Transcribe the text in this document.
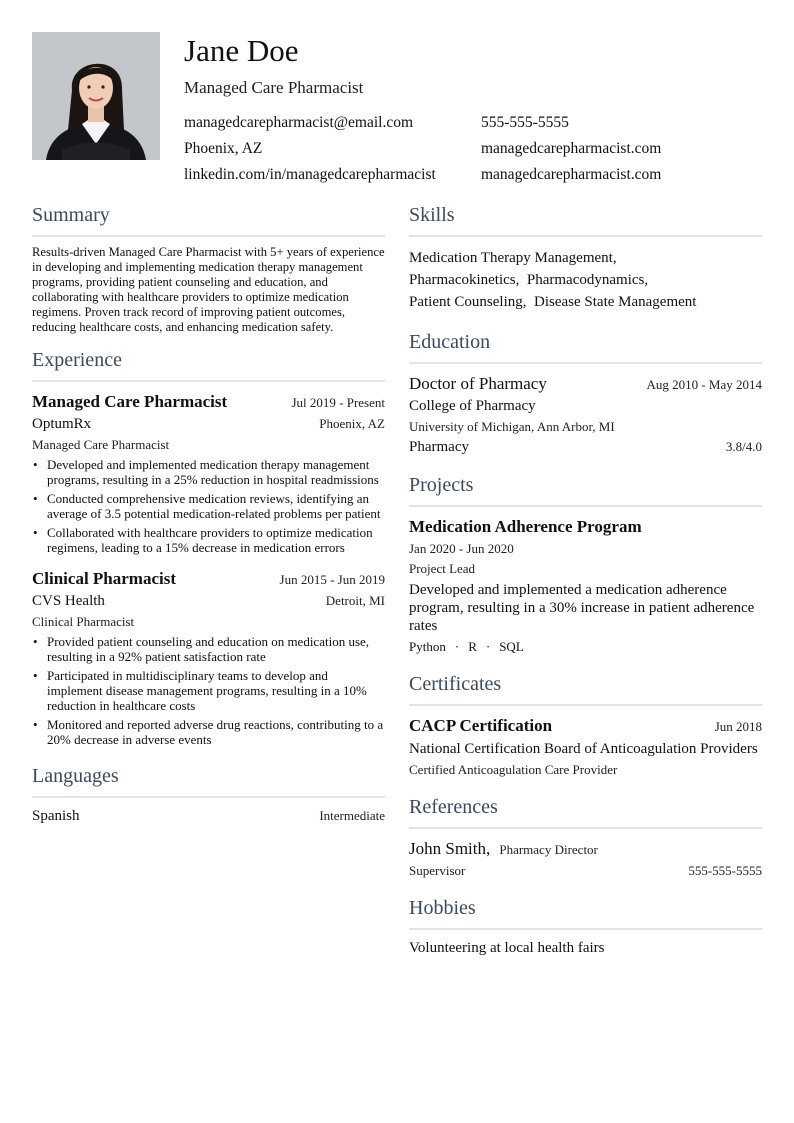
Jane Doe
Managed Care Pharmacist
managedcarepharmacist@email.com	555-555-5555
Phoenix, AZ	managedcarepharmacist.com
linkedin.com/in/managedcarepharmacist	managedcarepharmacist.com
Summary
Results-driven Managed Care Pharmacist with 5+ years of experience in developing and implementing medication therapy management programs, providing patient counseling and education, and collaborating with healthcare providers to optimize medication regimens. Proven track record of improving patient outcomes, reducing healthcare costs, and enhancing medication safety.
Experience
Managed Care Pharmacist	Jul 2019 - Present
OptumRx	Phoenix, AZ
Managed Care Pharmacist
• Developed and implemented medication therapy management programs, resulting in a 25% reduction in hospital readmissions
• Conducted comprehensive medication reviews, identifying an average of 3.5 potential medication-related problems per patient
• Collaborated with healthcare providers to optimize medication regimens, leading to a 15% decrease in medication errors
Clinical Pharmacist	Jun 2015 - Jun 2019
CVS Health	Detroit, MI
Clinical Pharmacist
• Provided patient counseling and education on medication use, resulting in a 92% patient satisfaction rate
• Participated in multidisciplinary teams to develop and implement disease management programs, resulting in a 10% reduction in healthcare costs
• Monitored and reported adverse drug reactions, contributing to a 20% decrease in adverse events
Languages
Spanish	Intermediate
Skills
Medication Therapy Management,
Pharmacokinetics, Pharmacodynamics,
Patient Counseling, Disease State Management
Education
Doctor of Pharmacy	Aug 2010 - May 2014
College of Pharmacy
University of Michigan, Ann Arbor, MI
Pharmacy	3.8/4.0
Projects
Medication Adherence Program
Jan 2020 - Jun 2020
Project Lead
Developed and implemented a medication adherence program, resulting in a 30% increase in patient adherence rates
Python · R · SQL
Certificates
CACP Certification	Jun 2018
National Certification Board of Anticoagulation Providers
Certified Anticoagulation Care Provider
References
John Smith, Pharmacy Director
Supervisor	555-555-5555
Hobbies
Volunteering at local health fairs
